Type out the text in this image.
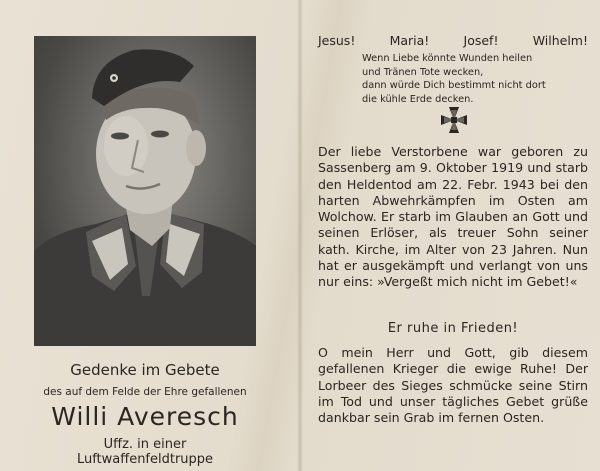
Gedenke im Gebete
des auf dem Felde der Ehre gefallenen
Willi Averesch
Uffz. in einer Luftwaffenfeldtruppe
Jesus!	Maria!	Josef!	Wilhelm!
Wenn Liebe könnte Wunden heilen
und Tränen Tote wecken,
dann würde Dich bestimmt nicht dort
die kühle Erde decken.

Der liebe Verstorbene war geboren zu Sassenberg am 9. Oktober 1919 und starb den Heldentod am 22. Febr. 1943 bei den harten Abwehrkämpfen im Osten am Wolchow. Er starb im Glauben an Gott und seinen Erlöser, als treuer Sohn seiner kath. Kirche, im Alter von 23 Jahren. Nun hat er ausgekämpft und verlangt von uns nur eins: »Vergeßt mich nicht im Gebet!«

Er ruhe in Frieden!

O mein Herr und Gott, gib diesem gefallenen Krieger die ewige Ruhe! Der Lorbeer des Sieges schmücke seine Stirn im Tod und unser tägliches Gebet grüße dankbar sein Grab im fernen Osten.
